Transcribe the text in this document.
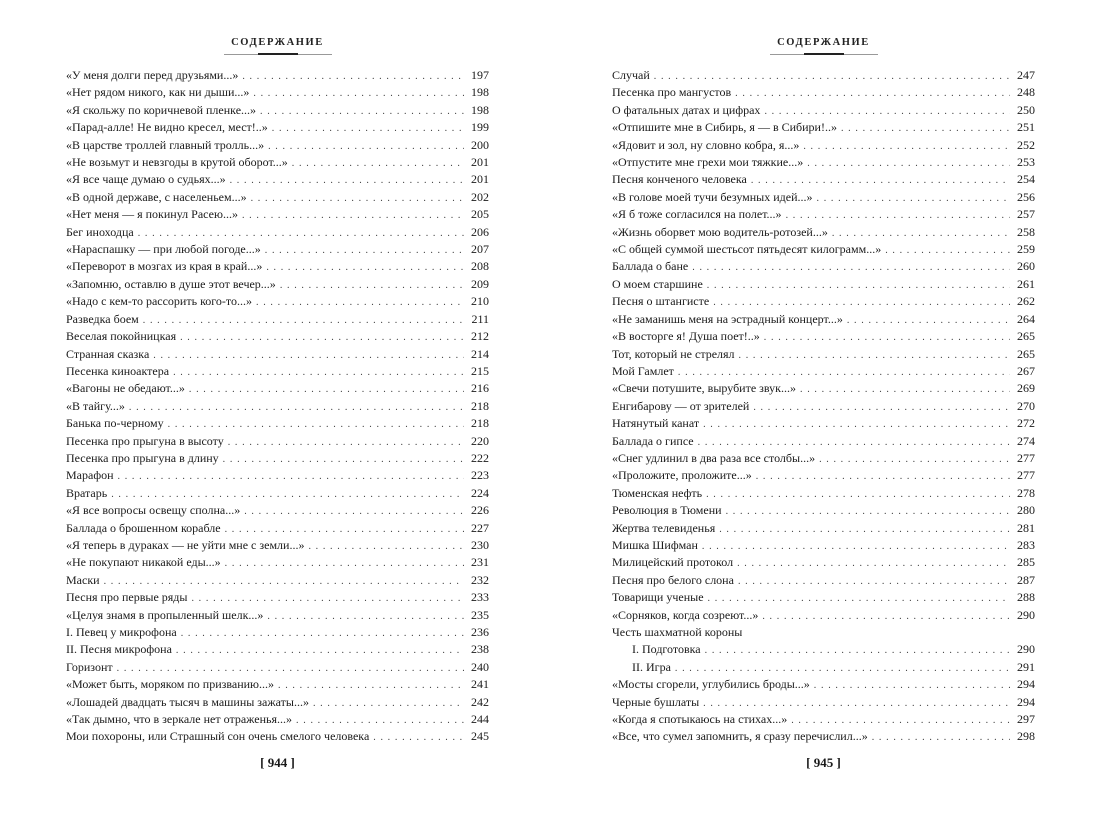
СОДЕРЖАНИЕ
«У меня долги перед друзьями...» . . .	197
«Нет рядом никого, как ни дыши...» . . .	198
«Я скольжу по коричневой пленке...» . . .	198
«Парад-алле! Не видно кресел, мест!..» . . .	199
«В царстве троллей главный тролль...» . . .	200
«Не возьмут и невзгоды в крутой оборот...» . . .	201
«Я все чаще думаю о судьях...» . . .	201
«В одной державе, с населеньем...» . . .	202
«Нет меня — я покинул Расею...» . . .	205
Бег иноходца . . .	206
«Нараспашку — при любой погоде...» . . .	207
«Переворот в мозгах из края в край...» . . .	208
«Запомню, оставлю в душе этот вечер...» . . .	209
«Надо с кем-то рассорить кого-то...» . . .	210
Разведка боем . . .	211
Веселая покойницкая . . .	212
Странная сказка . . .	214
Песенка киноактера . . .	215
«Вагоны не обедают...» . . .	216
«В тайгу...» . . .	218
Банька по-черному . . .	218
Песенка про прыгуна в высоту . . .	220
Песенка про прыгуна в длину . . .	222
Марафон . . .	223
Вратарь . . .	224
«Я все вопросы освещу сполна...» . . .	226
Баллада о брошенном корабле . . .	227
«Я теперь в дураках — не уйти мне с земли...» . . .	230
«Не покупают никакой еды...» . . .	231
Маски . . .	232
Песня про первые ряды . . .	233
«Целуя знамя в пропыленный шелк...» . . .	235
I. Певец у микрофона . . .	236
II. Песня микрофона . . .	238
Горизонт . . .	240
«Может быть, моряком по призванию...» . . .	241
«Лошадей двадцать тысяч в машины зажаты...» . . .	242
«Так дымно, что в зеркале нет отраженья...» . . .	244
Мои похороны, или Страшный сон очень смелого человека . . .	245
[ 944 ]
СОДЕРЖАНИЕ
Случай . . .	247
Песенка про мангустов . . .	248
О фатальных датах и цифрах . . .	250
«Отпишите мне в Сибирь, я — в Сибири!..» . . .	251
«Ядовит и зол, ну словно кобра, я...» . . .	252
«Отпустите мне грехи мои тяжкие...» . . .	253
Песня конченого человека . . .	254
«В голове моей тучи безумных идей...» . . .	256
«Я б тоже согласился на полет...» . . .	257
«Жизнь оборвет мою водитель-ротозей...» . . .	258
«С общей суммой шестьсот пятьдесят килограмм...» . . .	259
Баллада о бане . . .	260
О моем старшине . . .	261
Песня о штангисте . . .	262
«Не заманишь меня на эстрадный концерт...» . . .	264
«В восторге я! Душа поет!..» . . .	265
Тот, который не стрелял . . .	265
Мой Гамлет . . .	267
«Свечи потушите, вырубите звук...» . . .	269
Енгибарову — от зрителей . . .	270
Натянутый канат . . .	272
Баллада о гипсе . . .	274
«Снег удлинил в два раза все столбы...» . . .	277
«Проложите, проложите...» . . .	277
Тюменская нефть . . .	278
Революция в Тюмени . . .	280
Жертва телевиденья . . .	281
Мишка Шифман . . .	283
Милицейский протокол . . .	285
Песня про белого слона . . .	287
Товарищи ученые . . .	288
«Сорняков, когда созреют...» . . .	290
Честь шахматной короны
I. Подготовка . . .	290
II. Игра . . .	291
«Мосты сгорели, углубились броды...» . . .	294
Черные бушлаты . . .	294
«Когда я спотыкаюсь на стихах...» . . .	297
«Все, что сумел запомнить, я сразу перечислил...» . . .	298
[ 945 ]
